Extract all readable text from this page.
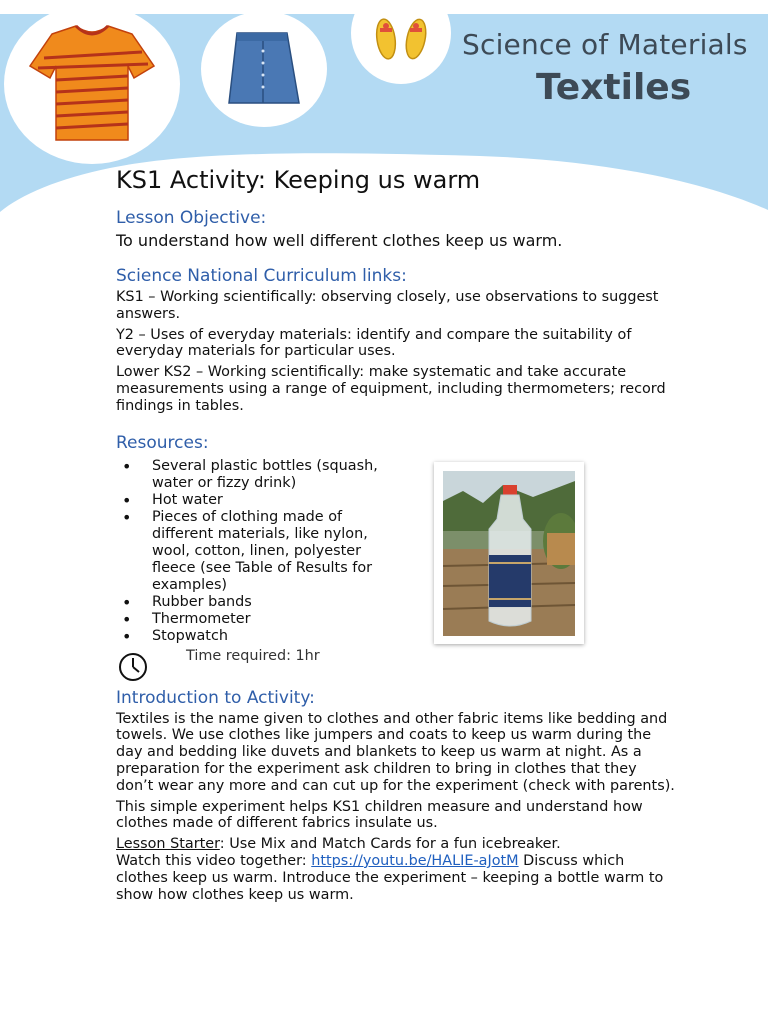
Science of Materials
Textiles
KS1 Activity: Keeping us warm
Lesson Objective:
To understand how well different clothes keep us warm.
Science National Curriculum links:

KS1 – Working scientifically: observing closely, use observations to suggest answers.

Y2 – Uses of everyday materials: identify and compare the suitability of everyday materials for particular uses.

Lower KS2 – Working scientifically: make systematic and take accurate measurements using a range of equipment, including thermometers; record findings in tables.

Resources:
• Several plastic bottles (squash, water or fizzy drink)
• Hot water
• Pieces of clothing made of different materials, like nylon, wool, cotton, linen, polyester fleece (see Table of Results for examples)
• Rubber bands
• Thermometer
• Stopwatch
Time required: 1hr
Introduction to Activity:

Textiles is the name given to clothes and other fabric items like bedding and towels. We use clothes like jumpers and coats to keep us warm during the day and bedding like duvets and blankets to keep us warm at night. As a preparation for the experiment ask children to bring in clothes that they don’t wear any more and can cut up for the experiment (check with parents).

This simple experiment helps KS1 children measure and understand how clothes made of different fabrics insulate us.

Lesson Starter: Use Mix and Match Cards for a fun icebreaker.

Watch this video together: https://youtu.be/HALIE-aJotM Discuss which clothes keep us warm. Introduce the experiment – keeping a bottle warm to show how clothes keep us warm.
